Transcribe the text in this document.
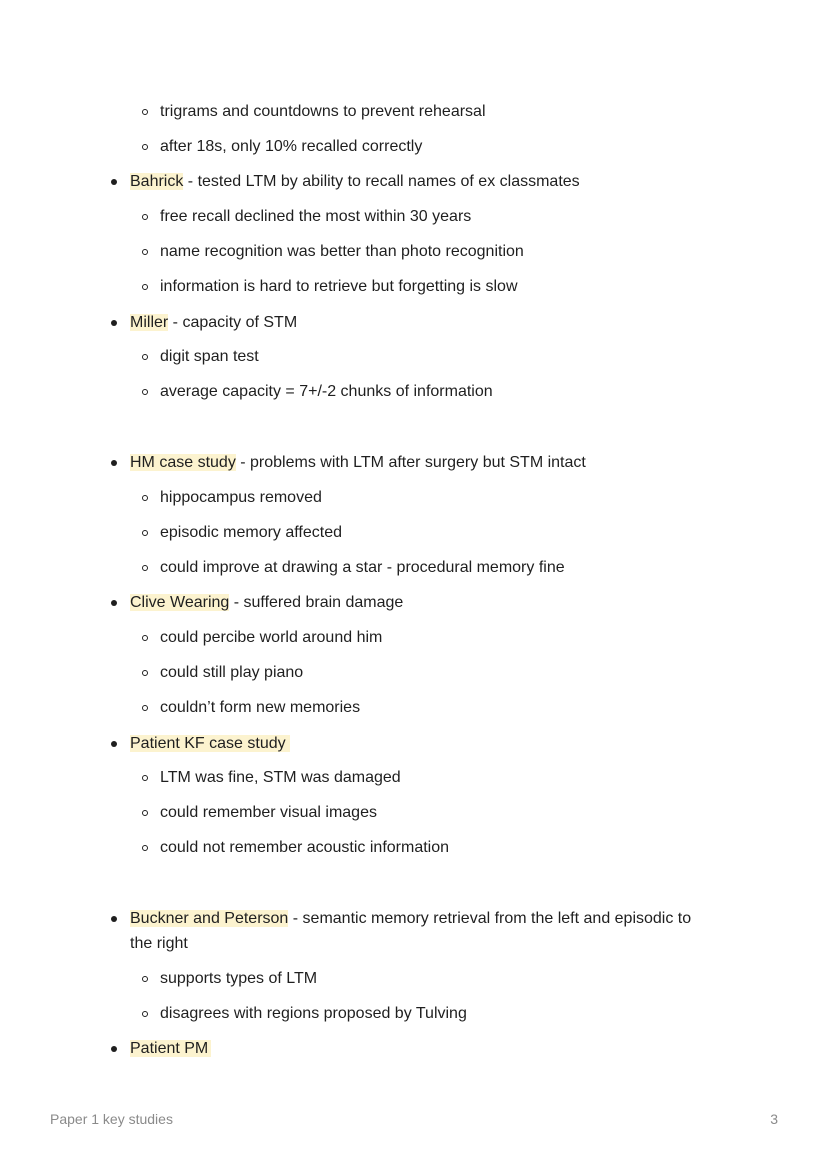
trigrams and countdowns to prevent rehearsal
after 18s, only 10% recalled correctly
Bahrick - tested LTM by ability to recall names of ex classmates
free recall declined the most within 30 years
name recognition was better than photo recognition
information is hard to retrieve but forgetting is slow
Miller - capacity of STM
digit span test
average capacity = 7+/-2 chunks of information
HM case study - problems with LTM after surgery but STM intact
hippocampus removed
episodic memory affected
could improve at drawing a star - procedural memory fine
Clive Wearing - suffered brain damage
could percibe world around him
could still play piano
couldn’t form new memories
Patient KF case study
LTM was fine, STM was damaged
could remember visual images
could not remember acoustic information
Buckner and Peterson - semantic memory retrieval from the left and episodic to
the right
supports types of LTM
disagrees with regions proposed by Tulving
Patient PM
Paper 1 key studies	3
